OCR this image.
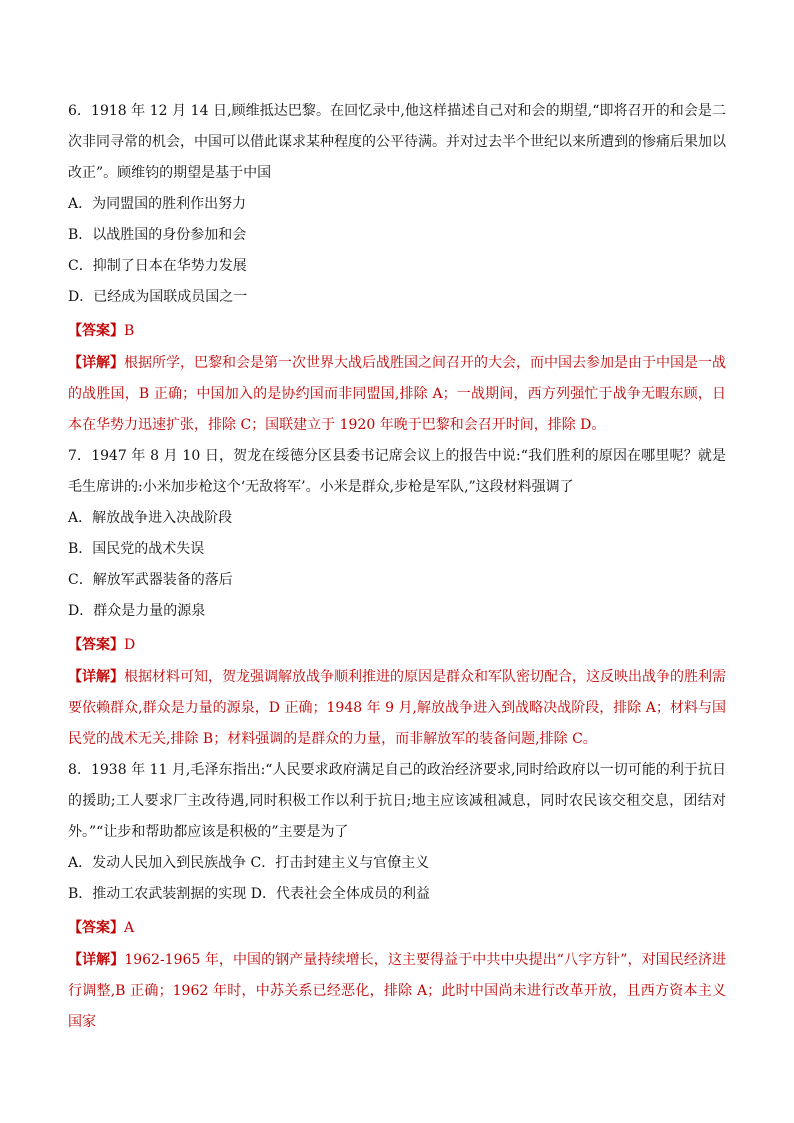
6．1918 年 12 月 14 日,顾维抵达巴黎。在回忆录中,他这样描述自己对和会的期望,“即将召开的和会是二次非同寻常的机会，中国可以借此谋求某种程度的公平待满。并对过去半个世纪以来所遭到的惨痛后果加以改正”。顾维钧的期望是基于中国

A．为同盟国的胜利作出努力

B．以战胜国的身份参加和会

C．抑制了日本在华势力发展

D．已经成为国联成员国之一

【答案】B

【详解】根据所学，巴黎和会是第一次世界大战后战胜国之间召开的大会，而中国去参加是由于中国是一战的战胜国，B 正确；中国加入的是协约国而非同盟国,排除 A；一战期间，西方列强忙于战争无暇东顾，日本在华势力迅速扩张，排除 C；国联建立于 1920 年晚于巴黎和会召开时间，排除 D。

7．1947 年 8 月 10 日，贺龙在绥德分区县委书记席会议上的报告中说:“我们胜利的原因在哪里呢？就是毛生席讲的:小米加步枪这个‘无敌将军’。小米是群众,步枪是军队,”这段材料强调了

A．解放战争进入决战阶段

B．国民党的战术失误

C．解放军武器装备的落后

D．群众是力量的源泉

【答案】D

【详解】根据材料可知，贺龙强调解放战争顺利推进的原因是群众和军队密切配合，这反映出战争的胜利需要依赖群众,群众是力量的源泉，D 正确；1948 年 9 月,解放战争进入到战略决战阶段，排除 A；材料与国民党的战术无关,排除 B；材料强调的是群众的力量，而非解放军的装备问题,排除 C。

8．1938 年 11 月,毛泽东指出:“人民要求政府满足自己的政治经济要求,同时给政府以一切可能的利于抗日的援助;工人要求厂主改待遇,同时积极工作以利于抗日;地主应该减租减息，同时农民该交租交息，团结对外。”“让步和帮助都应该是积极的”主要是为了

A．发动人民加入到民族战争 C．打击封建主义与官僚主义

B．推动工农武装割据的实现 D．代表社会全体成员的利益

【答案】A

【详解】1962-1965 年，中国的钢产量持续增长，这主要得益于中共中央提出“八字方针”，对国民经济进行调整,B 正确；1962 年时，中苏关系已经恶化，排除 A；此时中国尚未进行改革开放，且西方资本主义国家
